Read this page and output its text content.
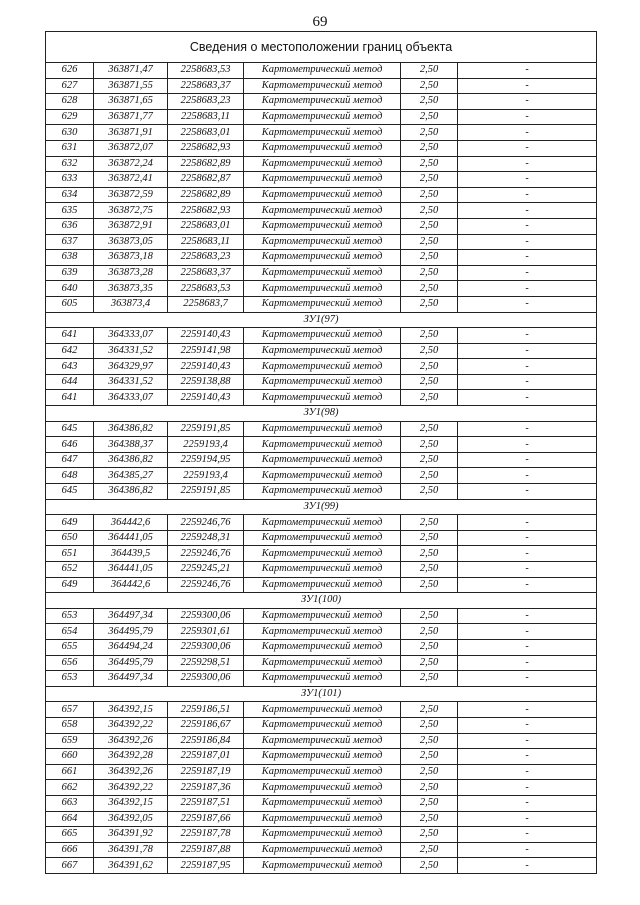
69
Сведения о местоположении границ объекта					
626	363871,47	2258683,53	Картометрический метод	2,50	-
627	363871,55	2258683,37	Картометрический метод	2,50	-
628	363871,65	2258683,23	Картометрический метод	2,50	-
629	363871,77	2258683,11	Картометрический метод	2,50	-
630	363871,91	2258683,01	Картометрический метод	2,50	-
631	363872,07	2258682,93	Картометрический метод	2,50	-
632	363872,24	2258682,89	Картометрический метод	2,50	-
633	363872,41	2258682,87	Картометрический метод	2,50	-
634	363872,59	2258682,89	Картометрический метод	2,50	-
635	363872,75	2258682,93	Картометрический метод	2,50	-
636	363872,91	2258683,01	Картометрический метод	2,50	-
637	363873,05	2258683,11	Картометрический метод	2,50	-
638	363873,18	2258683,23	Картометрический метод	2,50	-
639	363873,28	2258683,37	Картометрический метод	2,50	-
640	363873,35	2258683,53	Картометрический метод	2,50	-
605	363873,4	2258683,7	Картометрический метод	2,50	-
ЗУ1(97)					
641	364333,07	2259140,43	Картометрический метод	2,50	-
642	364331,52	2259141,98	Картометрический метод	2,50	-
643	364329,97	2259140,43	Картометрический метод	2,50	-
644	364331,52	2259138,88	Картометрический метод	2,50	-
641	364333,07	2259140,43	Картометрический метод	2,50	-
ЗУ1(98)					
645	364386,82	2259191,85	Картометрический метод	2,50	-
646	364388,37	2259193,4	Картометрический метод	2,50	-
647	364386,82	2259194,95	Картометрический метод	2,50	-
648	364385,27	2259193,4	Картометрический метод	2,50	-
645	364386,82	2259191,85	Картометрический метод	2,50	-
ЗУ1(99)					
649	364442,6	2259246,76	Картометрический метод	2,50	-
650	364441,05	2259248,31	Картометрический метод	2,50	-
651	364439,5	2259246,76	Картометрический метод	2,50	-
652	364441,05	2259245,21	Картометрический метод	2,50	-
649	364442,6	2259246,76	Картометрический метод	2,50	-
ЗУ1(100)					
653	364497,34	2259300,06	Картометрический метод	2,50	-
654	364495,79	2259301,61	Картометрический метод	2,50	-
655	364494,24	2259300,06	Картометрический метод	2,50	-
656	364495,79	2259298,51	Картометрический метод	2,50	-
653	364497,34	2259300,06	Картометрический метод	2,50	-
ЗУ1(101)					
657	364392,15	2259186,51	Картометрический метод	2,50	-
658	364392,22	2259186,67	Картометрический метод	2,50	-
659	364392,26	2259186,84	Картометрический метод	2,50	-
660	364392,28	2259187,01	Картометрический метод	2,50	-
661	364392,26	2259187,19	Картометрический метод	2,50	-
662	364392,22	2259187,36	Картометрический метод	2,50	-
663	364392,15	2259187,51	Картометрический метод	2,50	-
664	364392,05	2259187,66	Картометрический метод	2,50	-
665	364391,92	2259187,78	Картометрический метод	2,50	-
666	364391,78	2259187,88	Картометрический метод	2,50	-
667	364391,62	2259187,95	Картометрический метод	2,50	-
